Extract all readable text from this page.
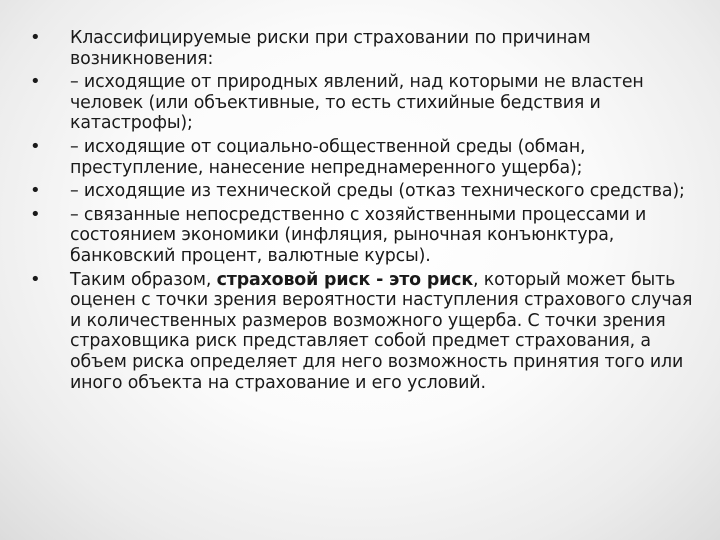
• Классифицируемые риски при страховании по причинам возникновения:
• – исходящие от природных явлений, над которыми не властен человек (или объективные, то есть стихийные бедствия и катастрофы);
• – исходящие от социально-общественной среды (обман, преступление, нанесение непреднамеренного ущерба);
• – исходящие из технической среды (отказ технического средства);
• – связанные непосредственно с хозяйственными процессами и состоянием экономики (инфляция, рыночная конъюнктура, банковский процент, валютные курсы).
• Таким образом, страховой риск - это риск, который может быть оценен с точки зрения вероятности наступления страхового случая и количественных размеров возможного ущерба. С точки зрения страховщика риск представляет собой предмет страхования, а объем риска определяет для него возможность принятия того или иного объекта на страхование и его условий.
